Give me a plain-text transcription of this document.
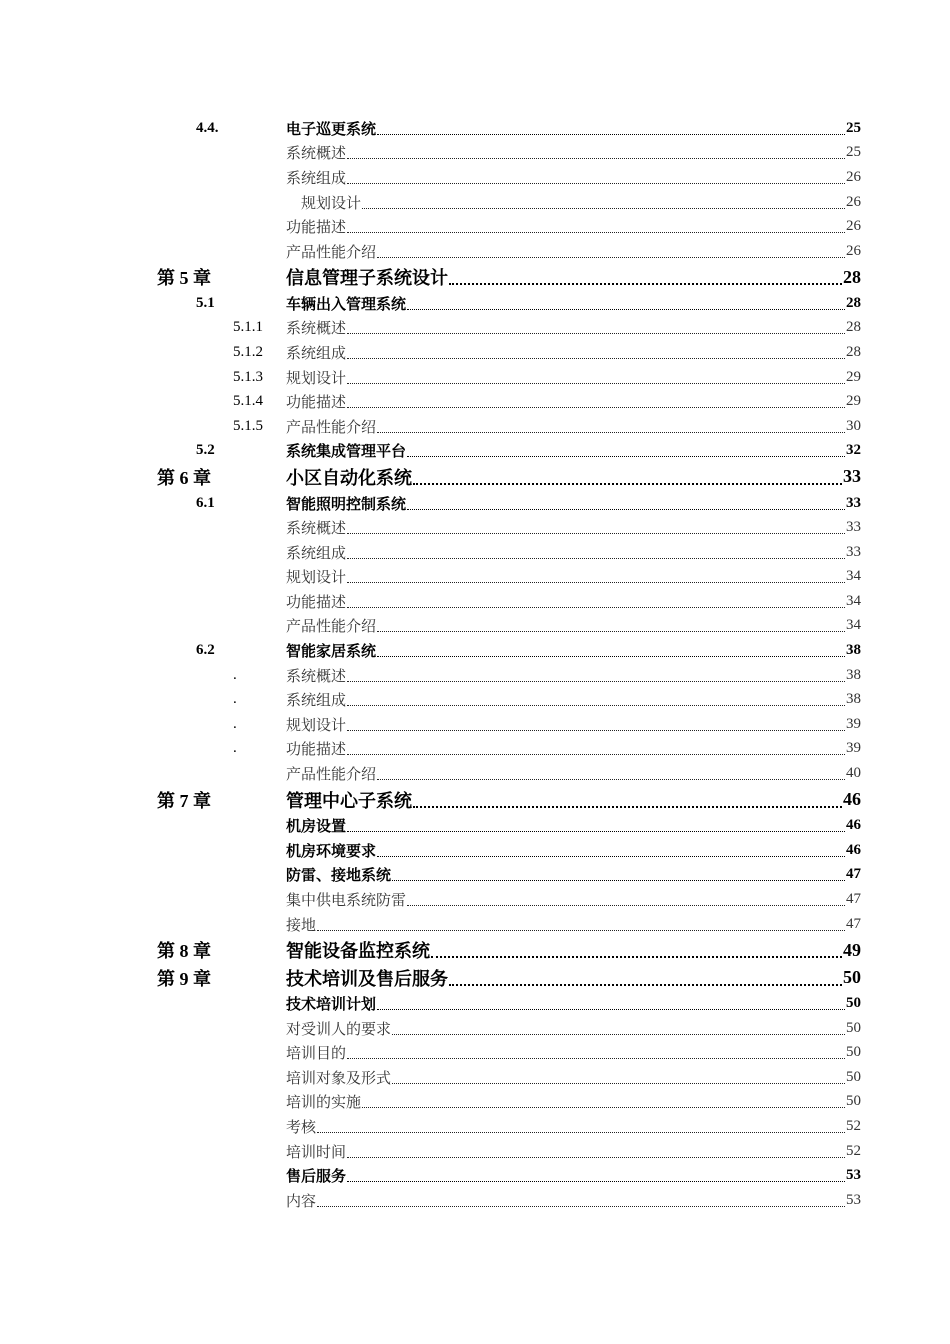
4.4.	电子巡更系统	25
系统概述	25
系统组成	26
规划设计	26
功能描述	26
产品性能介绍	26
第 5 章	信息管理子系统设计	28
5.1	车辆出入管理系统	28
5.1.1 系统概述	28
5.1.2 系统组成	28
5.1.3 规划设计	29
5.1.4 功能描述	29
5.1.5 产品性能介绍	30
5.2	系统集成管理平台	32
第 6 章	小区自动化系统	33
6.1	智能照明控制系统	33
系统概述	33
系统组成	33
规划设计	34
功能描述	34
产品性能介绍	34
6.2	智能家居系统	38
.	系统概述	38
.	系统组成	38
.	规划设计	39
.	功能描述	39
产品性能介绍	40
第 7 章	管理中心子系统	46
机房设置	46
机房环境要求	46
防雷、接地系统	47
集中供电系统防雷	47
接地	47
第 8 章	智能设备监控系统	49
第 9 章	技术培训及售后服务	50
技术培训计划	50
对受训人的要求	50
培训目的	50
培训对象及形式	50
培训的实施	50
考核	52
培训时间	52
售后服务	53
内容	53
